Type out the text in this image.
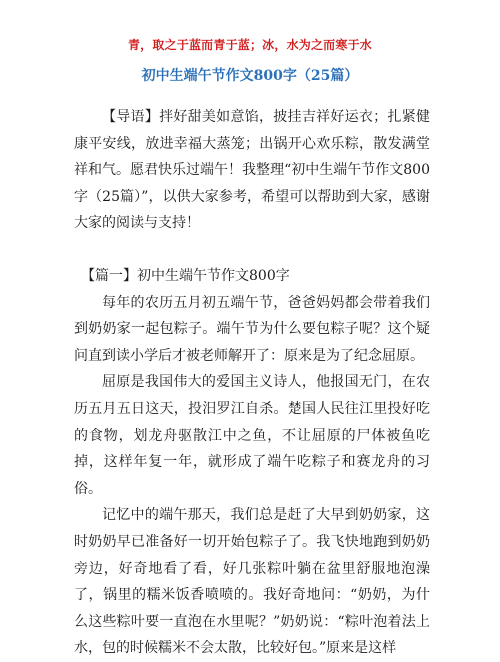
青，取之于蓝而青于蓝；冰，水为之而寒于水
初中生端午节作文800字（25篇）

【导语】拌好甜美如意馅，披挂吉祥好运衣；扎紧健康平安线，放进幸福大蒸笼；出锅开心欢乐粽，散发满堂祥和气。愿君快乐过端午！我整理“初中生端午节作文800字（25篇）”，以供大家参考，希望可以帮助到大家，感谢大家的阅读与支持！

【篇一】初中生端午节作文800字

每年的农历五月初五端午节，爸爸妈妈都会带着我们到奶奶家一起包粽子。端午节为什么要包粽子呢？这个疑问直到读小学后才被老师解开了：原来是为了纪念屈原。

屈原是我国伟大的爱国主义诗人，他报国无门，在农历五月五日这天，投汨罗江自杀。楚国人民往江里投好吃的食物，划龙舟驱散江中之鱼，不让屈原的尸体被鱼吃掉，这样年复一年，就形成了端午吃粽子和赛龙舟的习俗。

记忆中的端午那天，我们总是赶了大早到奶奶家，这时奶奶早已准备好一切开始包粽子了。我飞快地跑到奶奶旁边，好奇地看了看，好几张粽叶躺在盆里舒服地泡澡了，锅里的糯米饭香喷喷的。我好奇地问：“奶奶，为什么这些粽叶要一直泡在水里呢？”奶奶说：“粽叶泡着法上水，包的时候糯米不会太散，比较好包。”原来是这样
